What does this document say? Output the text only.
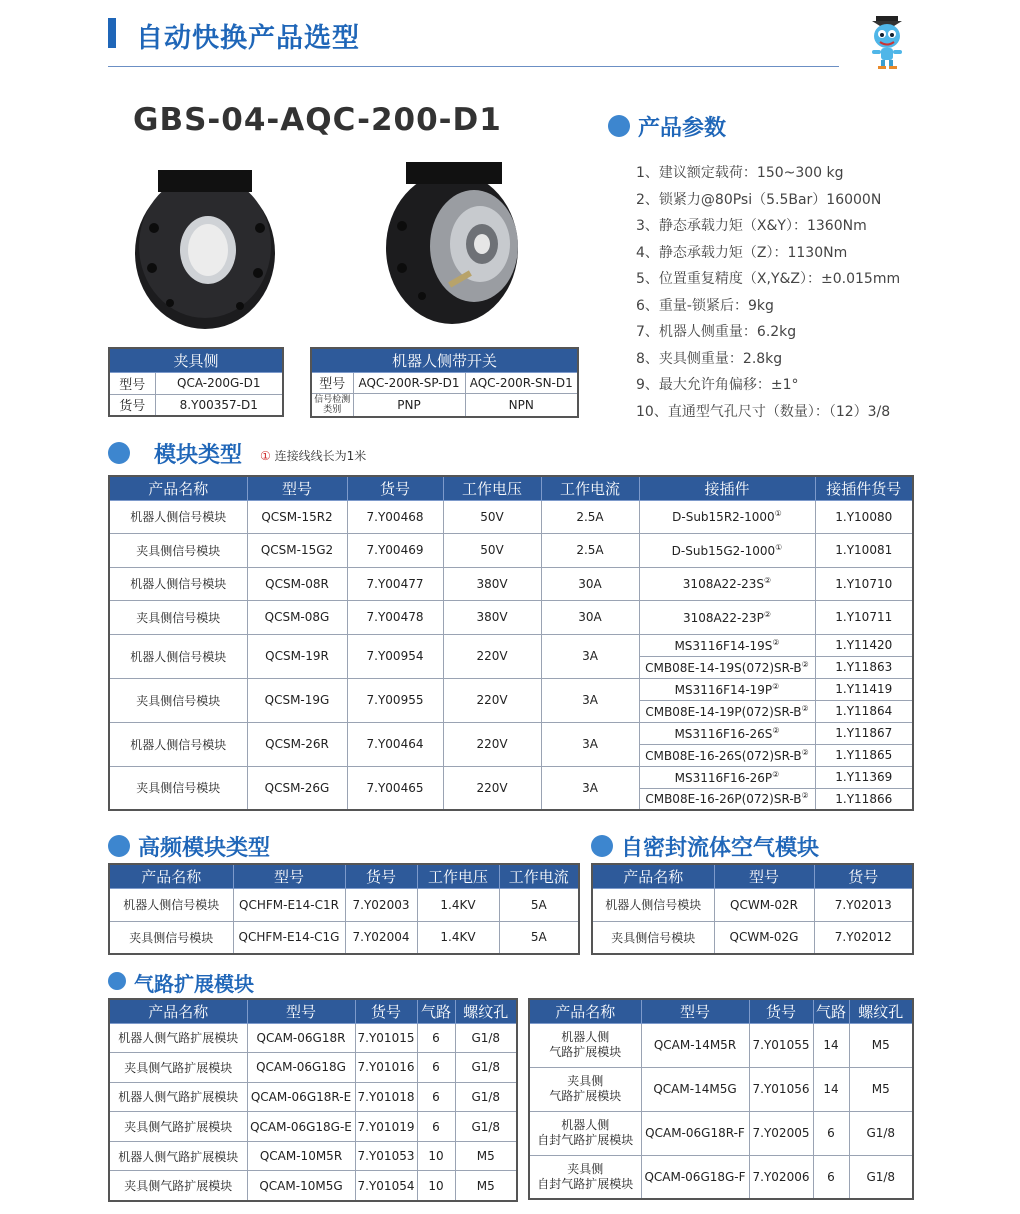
自动快换产品选型
GBS-04-AQC-200-D1
夹具侧	
型号	QCA-200G-D1
货号	8.Y00357-D1
机器人侧带开关		
型号	AQC-200R-SP-D1	AQC-200R-SN-D1
信号检测类别	PNP	NPN
产品参数
1、建议额定载荷：150~300 kg
2、锁紧力@80Psi（5.5Bar）16000N
3、静态承载力矩（X&Y）：1360Nm
4、静态承载力矩（Z）：1130Nm
5、位置重复精度（X,Y&Z）：±0.015mm
6、重量-锁紧后：9kg
7、机器人侧重量：6.2kg
8、夹具侧重量：2.8kg
9、最大允许角偏移：±1°
10、直通型气孔尺寸（数量）：（12）3/8
模块类型 ① 连接线线长为1米
产品名称	型号	货号	工作电压	工作电流	接插件	接插件货号
机器人侧信号模块	QCSM-15R2	7.Y00468	50V	2.5A	D-Sub15R2-1000①	1.Y10080
夹具侧信号模块	QCSM-15G2	7.Y00469	50V	2.5A	D-Sub15G2-1000①	1.Y10081
机器人侧信号模块	QCSM-08R	7.Y00477	380V	30A	3108A22-23S②	1.Y10710
夹具侧信号模块	QCSM-08G	7.Y00478	380V	30A	3108A22-23P②	1.Y10711
机器人侧信号模块	QCSM-19R	7.Y00954	220V	3A	MS3116F14-19S②	1.Y11420
					CMB08E-14-19S(072)SR-B②	1.Y11863
夹具侧信号模块	QCSM-19G	7.Y00955	220V	3A	MS3116F14-19P②	1.Y11419
					CMB08E-14-19P(072)SR-B②	1.Y11864
机器人侧信号模块	QCSM-26R	7.Y00464	220V	3A	MS3116F16-26S②	1.Y11867
					CMB08E-16-26S(072)SR-B②	1.Y11865
夹具侧信号模块	QCSM-26G	7.Y00465	220V	3A	MS3116F16-26P②	1.Y11369
					CMB08E-16-26P(072)SR-B②	1.Y11866
高频模块类型
产品名称	型号	货号	工作电压	工作电流
机器人侧信号模块	QCHFM-E14-C1R	7.Y02003	1.4KV	5A
夹具侧信号模块	QCHFM-E14-C1G	7.Y02004	1.4KV	5A
自密封流体空气模块
产品名称	型号	货号
机器人侧信号模块	QCWM-02R	7.Y02013
夹具侧信号模块	QCWM-02G	7.Y02012
气路扩展模块
产品名称	型号	货号	气路	螺纹孔
机器人侧气路扩展模块	QCAM-06G18R	7.Y01015	6	G1/8
夹具侧气路扩展模块	QCAM-06G18G	7.Y01016	6	G1/8
机器人侧气路扩展模块	QCAM-06G18R-E	7.Y01018	6	G1/8
夹具侧气路扩展模块	QCAM-06G18G-E	7.Y01019	6	G1/8
机器人侧气路扩展模块	QCAM-10M5R	7.Y01053	10	M5
夹具侧气路扩展模块	QCAM-10M5G	7.Y01054	10	M5
产品名称	型号	货号	气路	螺纹孔

机器人侧
气路扩展模块	QCAM-14M5R	7.Y01055	14	M5

夹具侧
气路扩展模块	QCAM-14M5G	7.Y01056	14	M5

机器人侧
自封气路扩展模块	QCAM-06G18R-F	7.Y02005	6	G1/8

夹具侧
自封气路扩展模块	QCAM-06G18G-F	7.Y02006	6	G1/8
